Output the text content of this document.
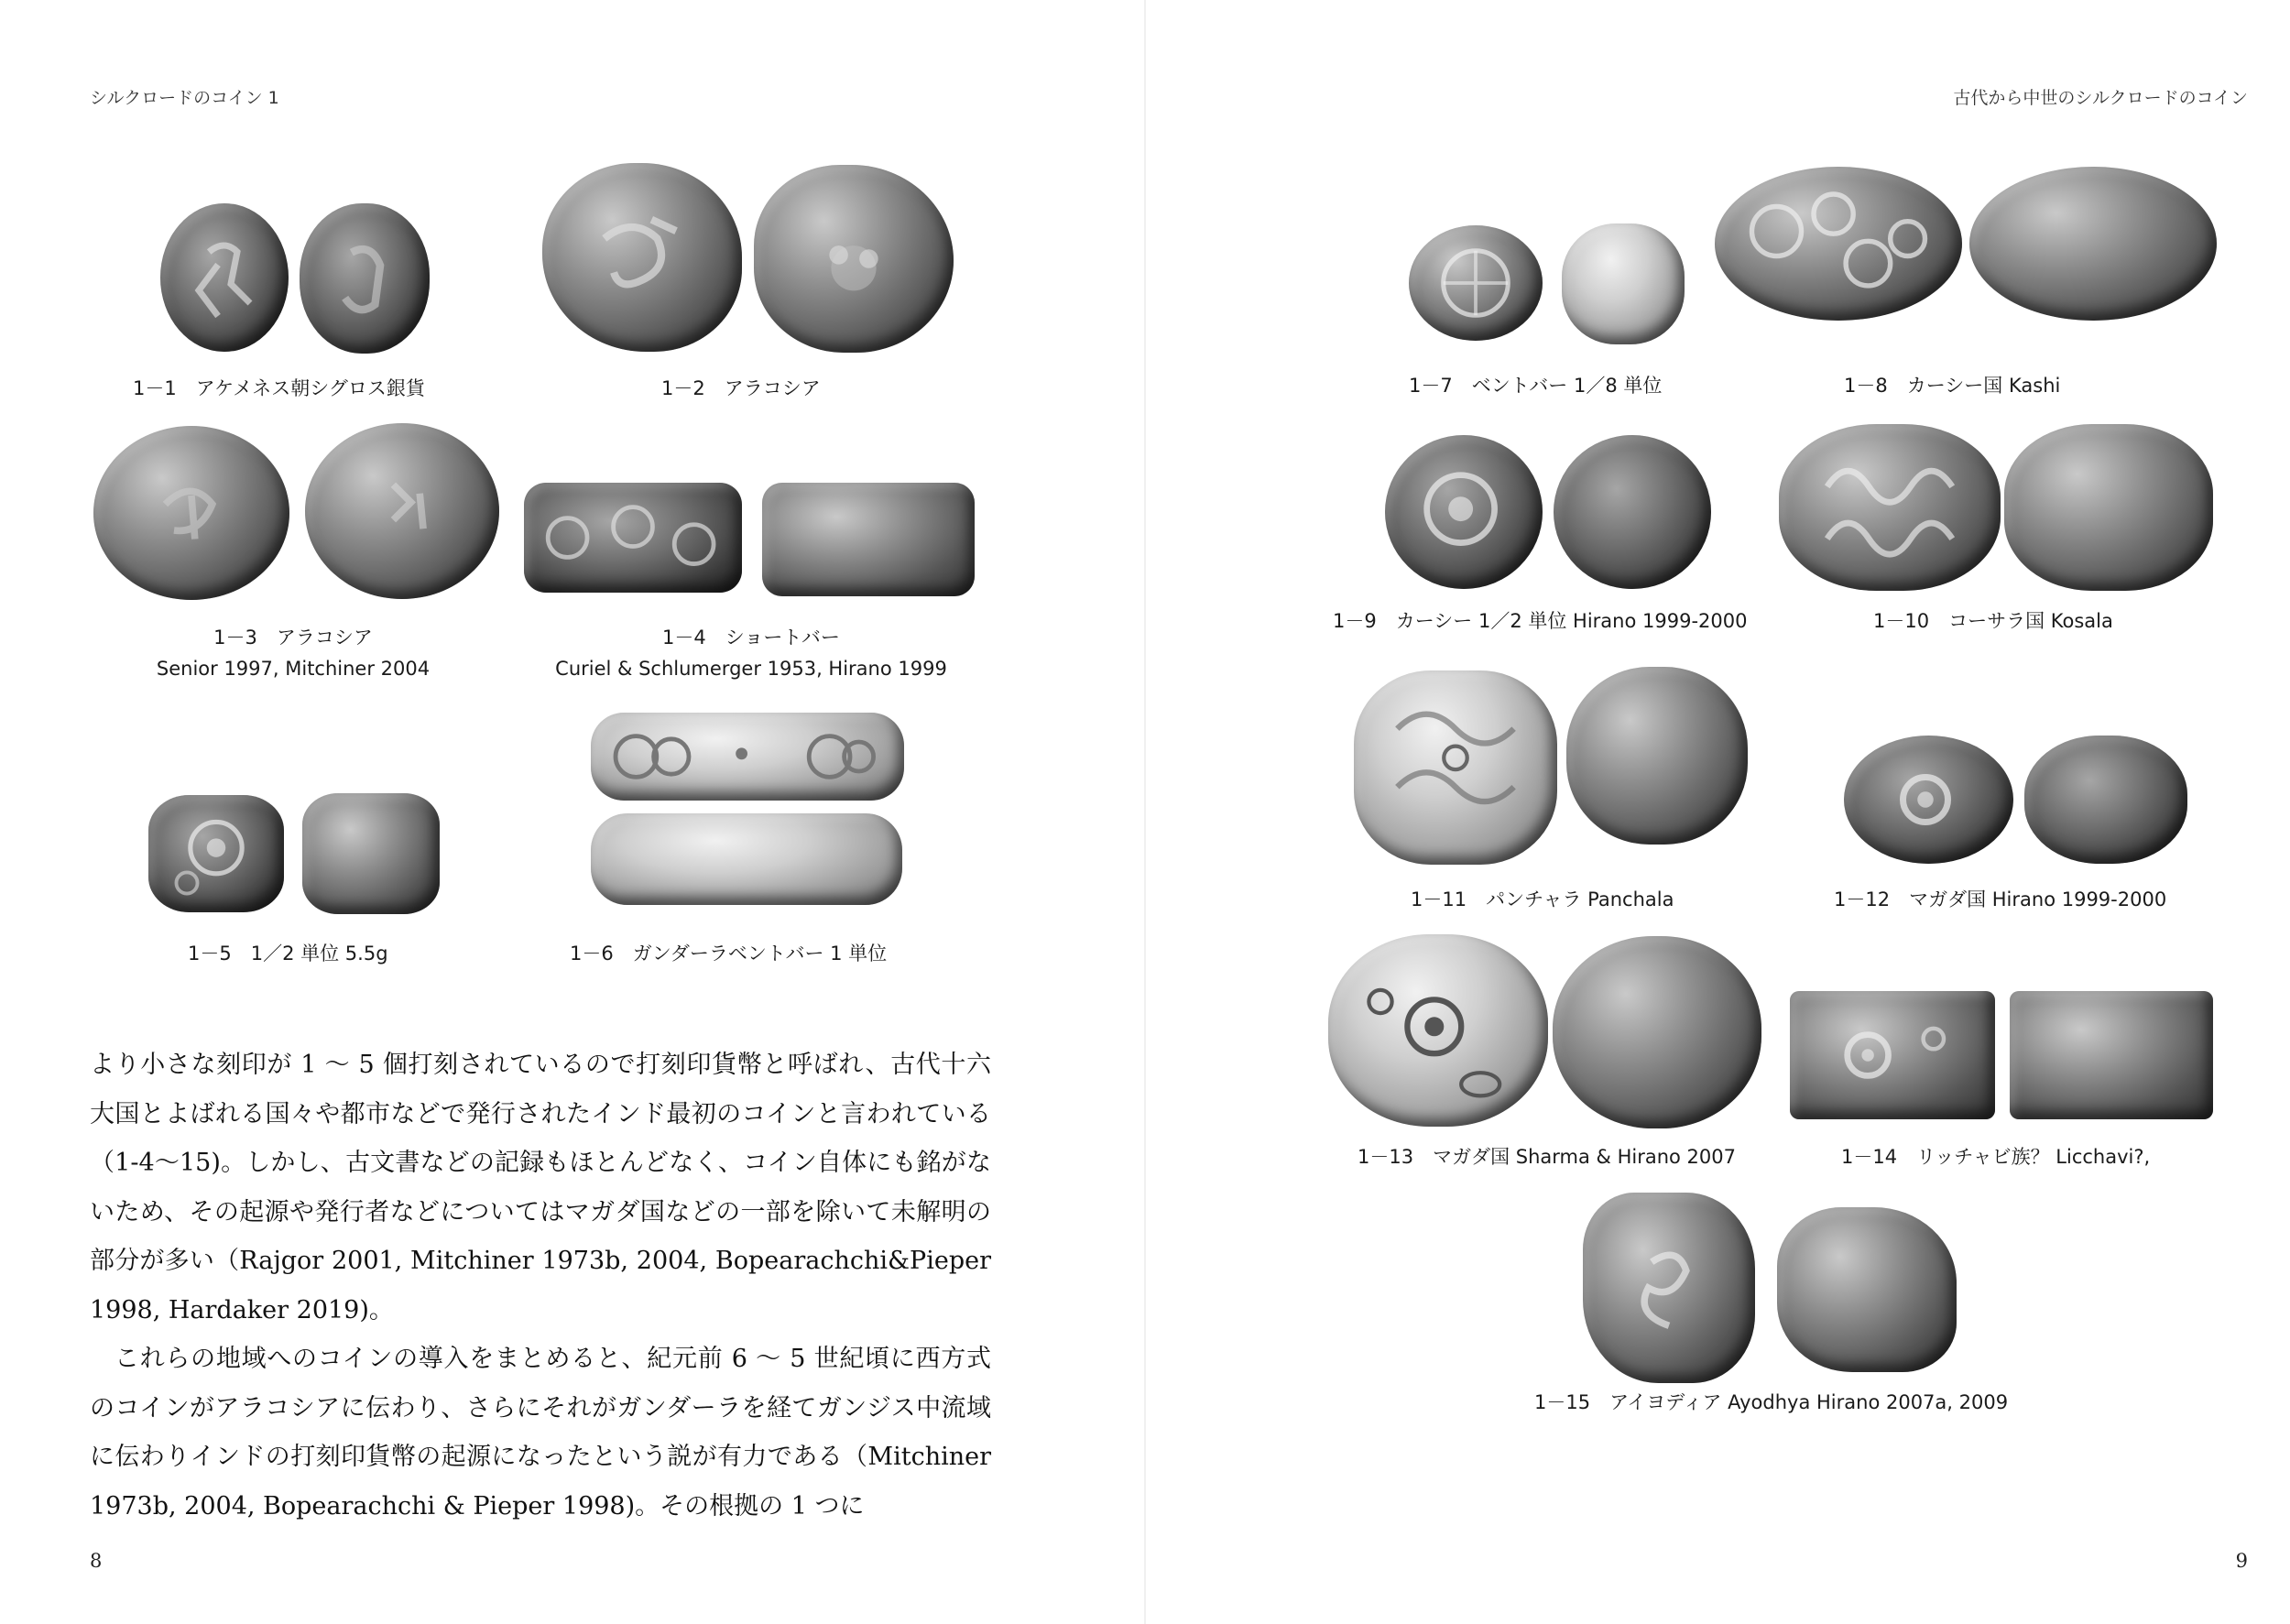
シルクロードのコイン 1
1－1　アケメネス朝シグロス銀貨	1－2　アラコシア
1－3　アラコシア
Senior 1997, Mitchiner 2004
1－4　ショートバー
Curiel & Schlumerger 1953, Hirano 1999
1－5　1／2 単位 5.5g	1－6　ガンダーラベントバー 1 単位

より小さな刻印が 1 ～ 5 個打刻されているので打刻印貨幣と呼ばれ、古代十六大国とよばれる国々や都市などで発行されたインド最初のコインと言われている（1-4～15)。しかし、古文書などの記録もほとんどなく、コイン自体にも銘がないため、その起源や発行者などについてはマガダ国などの一部を除いて未解明の部分が多い（Rajgor 2001, Mitchiner 1973b, 2004, Bopearachchi&Pieper 1998, Hardaker 2019)。

これらの地域へのコインの導入をまとめると、紀元前 6 ～ 5 世紀頃に西方式のコインがアラコシアに伝わり、さらにそれがガンダーラを経てガンジス中流域に伝わりインドの打刻印貨幣の起源になったという説が有力である（Mitchiner 1973b, 2004, Bopearachchi & Pieper 1998)。その根拠の 1 つに

8
古代から中世のシルクロードのコイン
1－7　ベントバー 1／8 単位	1－8　カーシー国 Kashi
1－9　カーシー 1／2 単位 Hirano 1999-2000	1－10　コーサラ国 Kosala
1－11　パンチャラ Panchala	1－12　マガダ国 Hirano 1999-2000
1－13　マガダ国 Sharma & Hirano 2007	1－14　リッチャビ族？ Licchavi?,
1－15　アイヨディア Ayodhya Hirano 2007a, 2009
9
